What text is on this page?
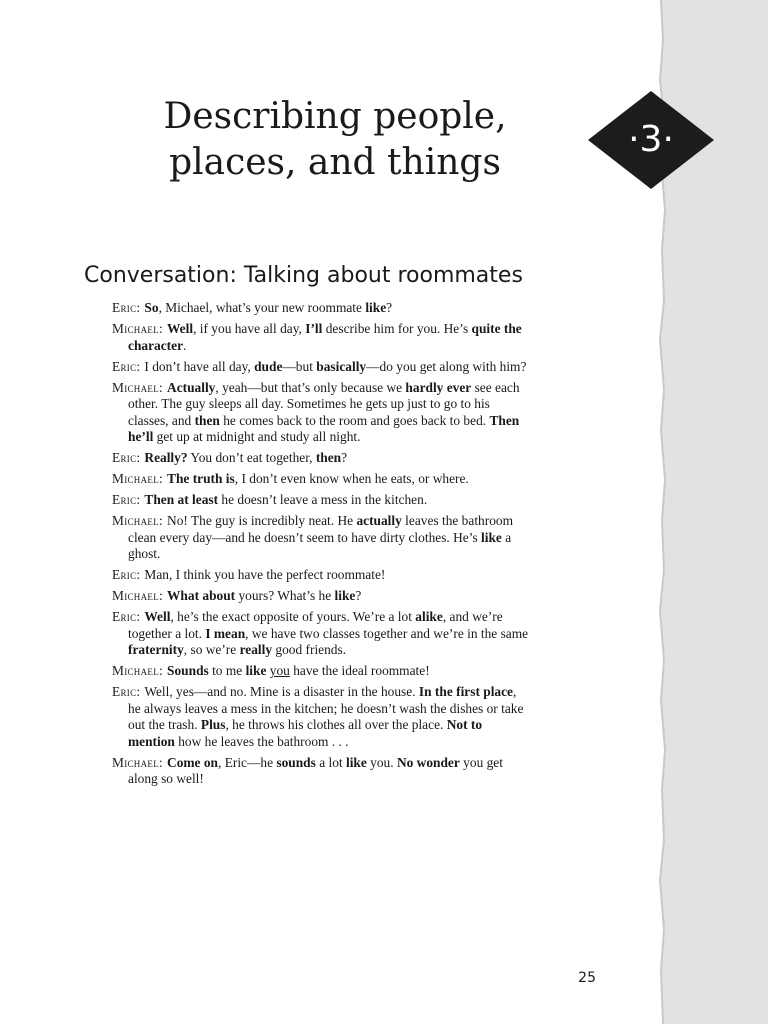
Describing people,
places, and things
·3·
Conversation: Talking about roommates

Eric: So, Michael, what’s your new roommate like?

Michael: Well, if you have all day, I’ll describe him for you. He’s quite the character.

Eric: I don’t have all day, dude—but basically—do you get along with him?

Michael: Actually, yeah—but that’s only because we hardly ever see each other. The guy sleeps all day. Sometimes he gets up just to go to his classes, and then he comes back to the room and goes back to bed. Then he’ll get up at midnight and study all night.

Eric: Really? You don’t eat together, then?

Michael: The truth is, I don’t even know when he eats, or where.

Eric: Then at least he doesn’t leave a mess in the kitchen.

Michael: No! The guy is incredibly neat. He actually leaves the bathroom clean every day—and he doesn’t seem to have dirty clothes. He’s like a ghost.

Eric: Man, I think you have the perfect roommate!

Michael: What about yours? What’s he like?

Eric: Well, he’s the exact opposite of yours. We’re a lot alike, and we’re together a lot. I mean, we have two classes together and we’re in the same fraternity, so we’re really good friends.

Michael: Sounds to me like you have the ideal roommate!

Eric: Well, yes—and no. Mine is a disaster in the house. In the first place, he always leaves a mess in the kitchen; he doesn’t wash the dishes or take out the trash. Plus, he throws his clothes all over the place. Not to mention how he leaves the bathroom . . .

Michael: Come on, Eric—he sounds a lot like you. No wonder you get along so well!

25
